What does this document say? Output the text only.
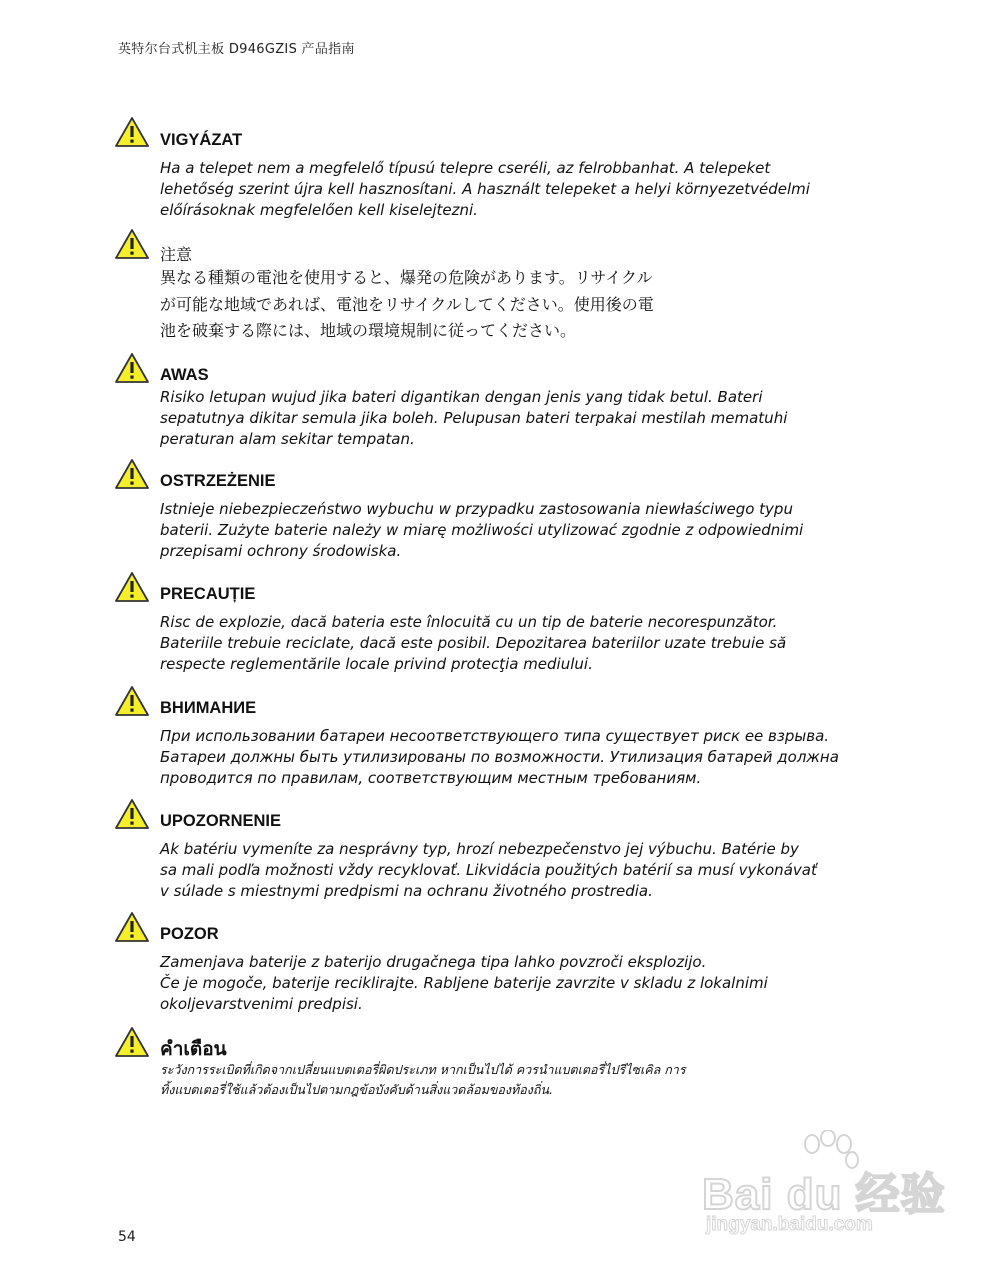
英特尔台式机主板 D946GZIS 产品指南
VIGYÁZAT
Ha a telepet nem a megfelelő típusú telepre cseréli, az felrobbanhat. A telepeket
lehetőség szerint újra kell hasznosítani. A használt telepeket a helyi környezetvédelmi
előírásoknak megfelelően kell kiselejtezni.
注意
異なる種類の電池を使用すると、爆発の危険があります。リサイクル
が可能な地域であれば、電池をリサイクルしてください。使用後の電
池を破棄する際には、地域の環境規制に従ってください。
AWAS
Risiko letupan wujud jika bateri digantikan dengan jenis yang tidak betul. Bateri
sepatutnya dikitar semula jika boleh. Pelupusan bateri terpakai mestilah mematuhi
peraturan alam sekitar tempatan.
OSTRZEŻENIE
Istnieje niebezpieczeństwo wybuchu w przypadku zastosowania niewłaściwego typu
baterii. Zużyte baterie należy w miarę możliwości utylizować zgodnie z odpowiednimi
przepisami ochrony środowiska.
PRECAUȚIE
Risc de explozie, dacă bateria este înlocuită cu un tip de baterie necorespunzător.
Bateriile trebuie reciclate, dacă este posibil. Depozitarea bateriilor uzate trebuie să
respecte reglementările locale privind protecţia mediului.
ВНИМАНИЕ
При использовании батареи несоответствующего типа существует риск ее взрыва.
Батареи должны быть утилизированы по возможности. Утилизация батарей должна
проводится по правилам, соответствующим местным требованиям.
UPOZORNENIE
Ak batériu vymeníte za nesprávny typ, hrozí nebezpečenstvo jej výbuchu. Batérie by
sa mali podľa možnosti vždy recyklovať. Likvidácia použitých batérií sa musí vykonávať
v súlade s miestnymi predpismi na ochranu životného prostredia.
POZOR
Zamenjava baterije z baterijo drugačnega tipa lahko povzroči eksplozijo.
Če je mogoče, baterije reciklirajte. Rabljene baterije zavrzite v skladu z lokalnimi
okoljevarstvenimi predpisi.
คำเตือน
ระวังการระเบิดที่เกิดจากเปลี่ยนแบตเตอรี่ผิดประเภท หากเป็นไปได้ ควรนำแบตเตอรี่ไปรีไซเคิล การ
ทิ้งแบตเตอรี่ใช้แล้วต้องเป็นไปตามกฎข้อบังคับด้านสิ่งแวดล้อมของท้องถิ่น.
Bai du 经验
jingyan.baidu.com
54
